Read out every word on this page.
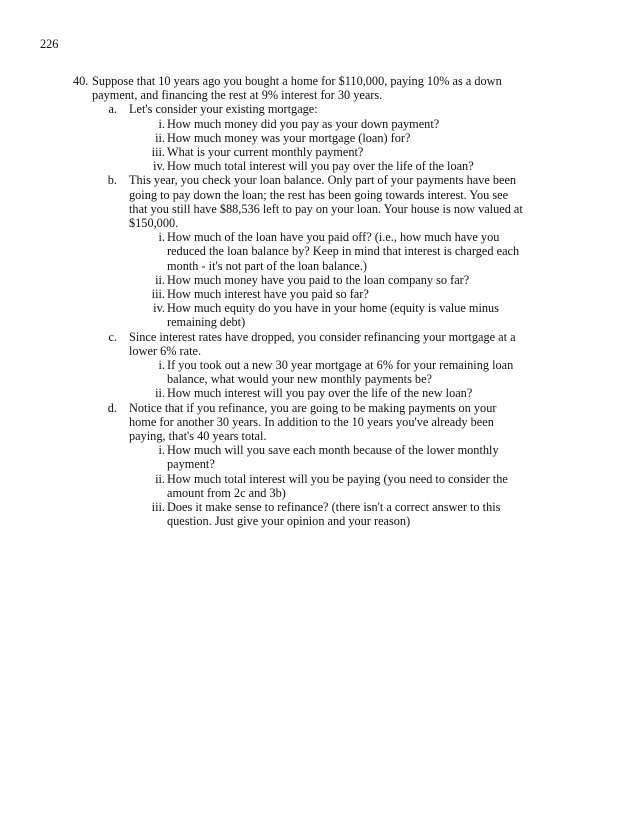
226
40. Suppose that 10 years ago you bought a home for $110,000, paying 10% as a down payment, and financing the rest at 9% interest for 30 years.
a. Let's consider your existing mortgage:
i. How much money did you pay as your down payment?
ii. How much money was your mortgage (loan) for?
iii. What is your current monthly payment?
iv. How much total interest will you pay over the life of the loan?
b. This year, you check your loan balance. Only part of your payments have been going to pay down the loan; the rest has been going towards interest. You see that you still have $88,536 left to pay on your loan. Your house is now valued at $150,000.
i. How much of the loan have you paid off? (i.e., how much have you reduced the loan balance by? Keep in mind that interest is charged each month - it's not part of the loan balance.)
ii. How much money have you paid to the loan company so far?
iii. How much interest have you paid so far?
iv. How much equity do you have in your home (equity is value minus remaining debt)
c. Since interest rates have dropped, you consider refinancing your mortgage at a lower 6% rate.
i. If you took out a new 30 year mortgage at 6% for your remaining loan balance, what would your new monthly payments be?
ii. How much interest will you pay over the life of the new loan?
d. Notice that if you refinance, you are going to be making payments on your home for another 30 years. In addition to the 10 years you've already been paying, that's 40 years total.
i. How much will you save each month because of the lower monthly payment?
ii. How much total interest will you be paying (you need to consider the amount from 2c and 3b)
iii. Does it make sense to refinance? (there isn't a correct answer to this question. Just give your opinion and your reason)
